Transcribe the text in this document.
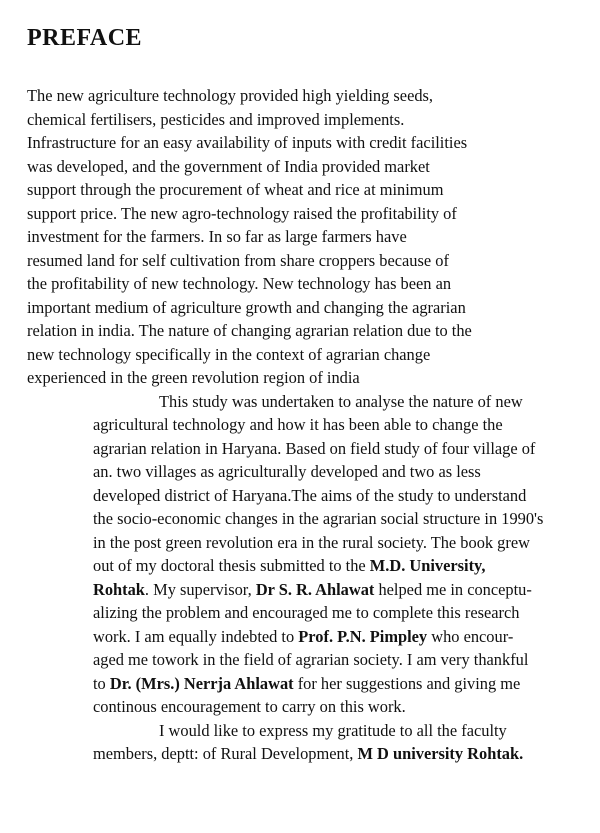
PREFACE

The new agriculture technology provided high yielding seeds,
chemical fertilisers, pesticides and improved implements.
Infrastructure for an easy availability of inputs with credit facilities
was developed, and the government of India provided market
support through the procurement of wheat and rice at minimum
support price. The new agro-technology raised the profitability of
investment for the farmers. In so far as large farmers have
resumed land for self cultivation from share croppers because of
the profitability of new technology. New technology has been an
important medium of agriculture growth and changing the agrarian
relation in india. The nature of changing agrarian relation due to the
new technology specifically in the context of agrarian change
experienced in the green revolution region of india

This study was undertaken to analyse the nature of new
agricultural technology and how it has been able to change the
agrarian relation in Haryana. Based on field study of four village of
an. two villages as agriculturally developed and two as less
developed district of Haryana.The aims of the study to understand
the socio-economic changes in the agrarian social structure in 1990's
in the post green revolution era in the rural society. The book grew
out of my doctoral thesis submitted to the M.D. University,
Rohtak. My supervisor, Dr S. R. Ahlawat helped me in conceptu-
alizing the problem and encouraged me to complete this research
work. I am equally indebted to Prof. P.N. Pimpley who encour-
aged me towork in the field of agrarian society. I am very thankful
to Dr. (Mrs.) Nerrja Ahlawat for her suggestions and giving me
continous encouragement to carry on this work.

I would like to express my gratitude to all the faculty
members, deptt: of Rural Development, M D university Rohtak.
